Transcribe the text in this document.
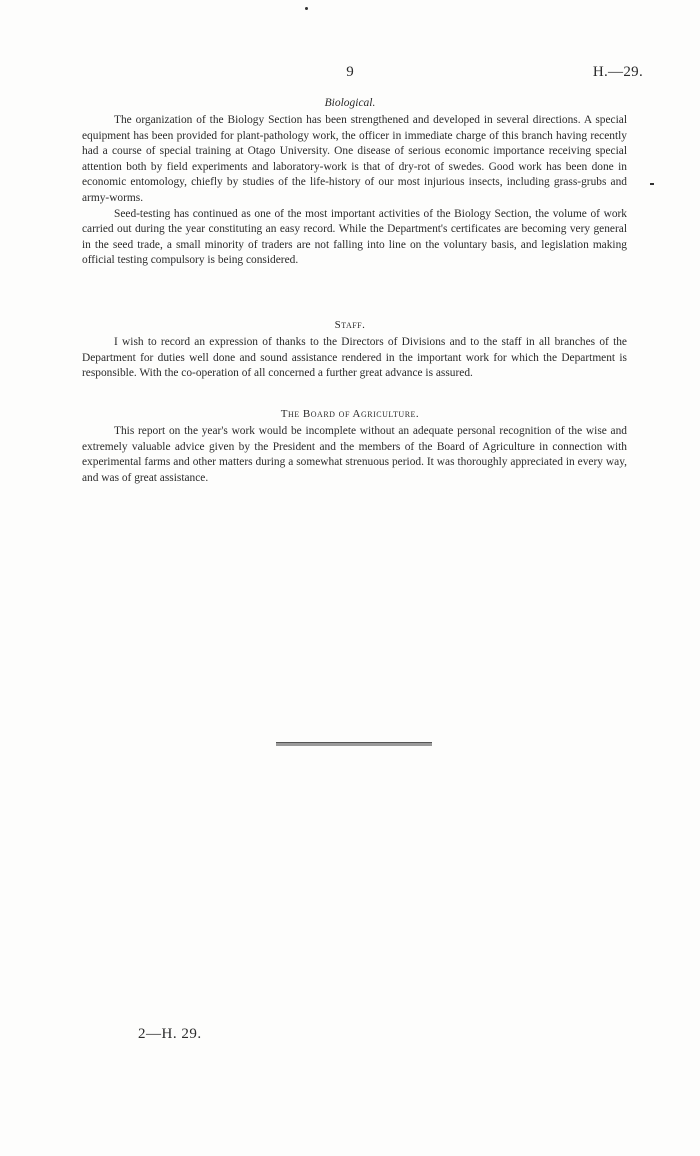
9	H.—29.
Biological.

The organization of the Biology Section has been strengthened and developed in several directions. A special equipment has been provided for plant-pathology work, the officer in immediate charge of this branch having recently had a course of special training at Otago University. One disease of serious economic importance receiving special attention both by field experiments and laboratory-work is that of dry-rot of swedes. Good work has been done in economic entomology, chiefly by studies of the life-history of our most injurious insects, including grass-grubs and army-worms.

Seed-testing has continued as one of the most important activities of the Biology Section, the volume of work carried out during the year constituting an easy record. While the Department's certificates are becoming very general in the seed trade, a small minority of traders are not falling into line on the voluntary basis, and legislation making official testing compulsory is being considered.

Staff.

I wish to record an expression of thanks to the Directors of Divisions and to the staff in all branches of the Department for duties well done and sound assistance rendered in the important work for which the Department is responsible. With the co-operation of all concerned a further great advance is assured.

The Board of Agriculture.

This report on the year's work would be incomplete without an adequate personal recognition of the wise and extremely valuable advice given by the President and the members of the Board of Agriculture in connection with experimental farms and other matters during a somewhat strenuous period. It was thoroughly appreciated in every way, and was of great assistance.

2—H. 29.
